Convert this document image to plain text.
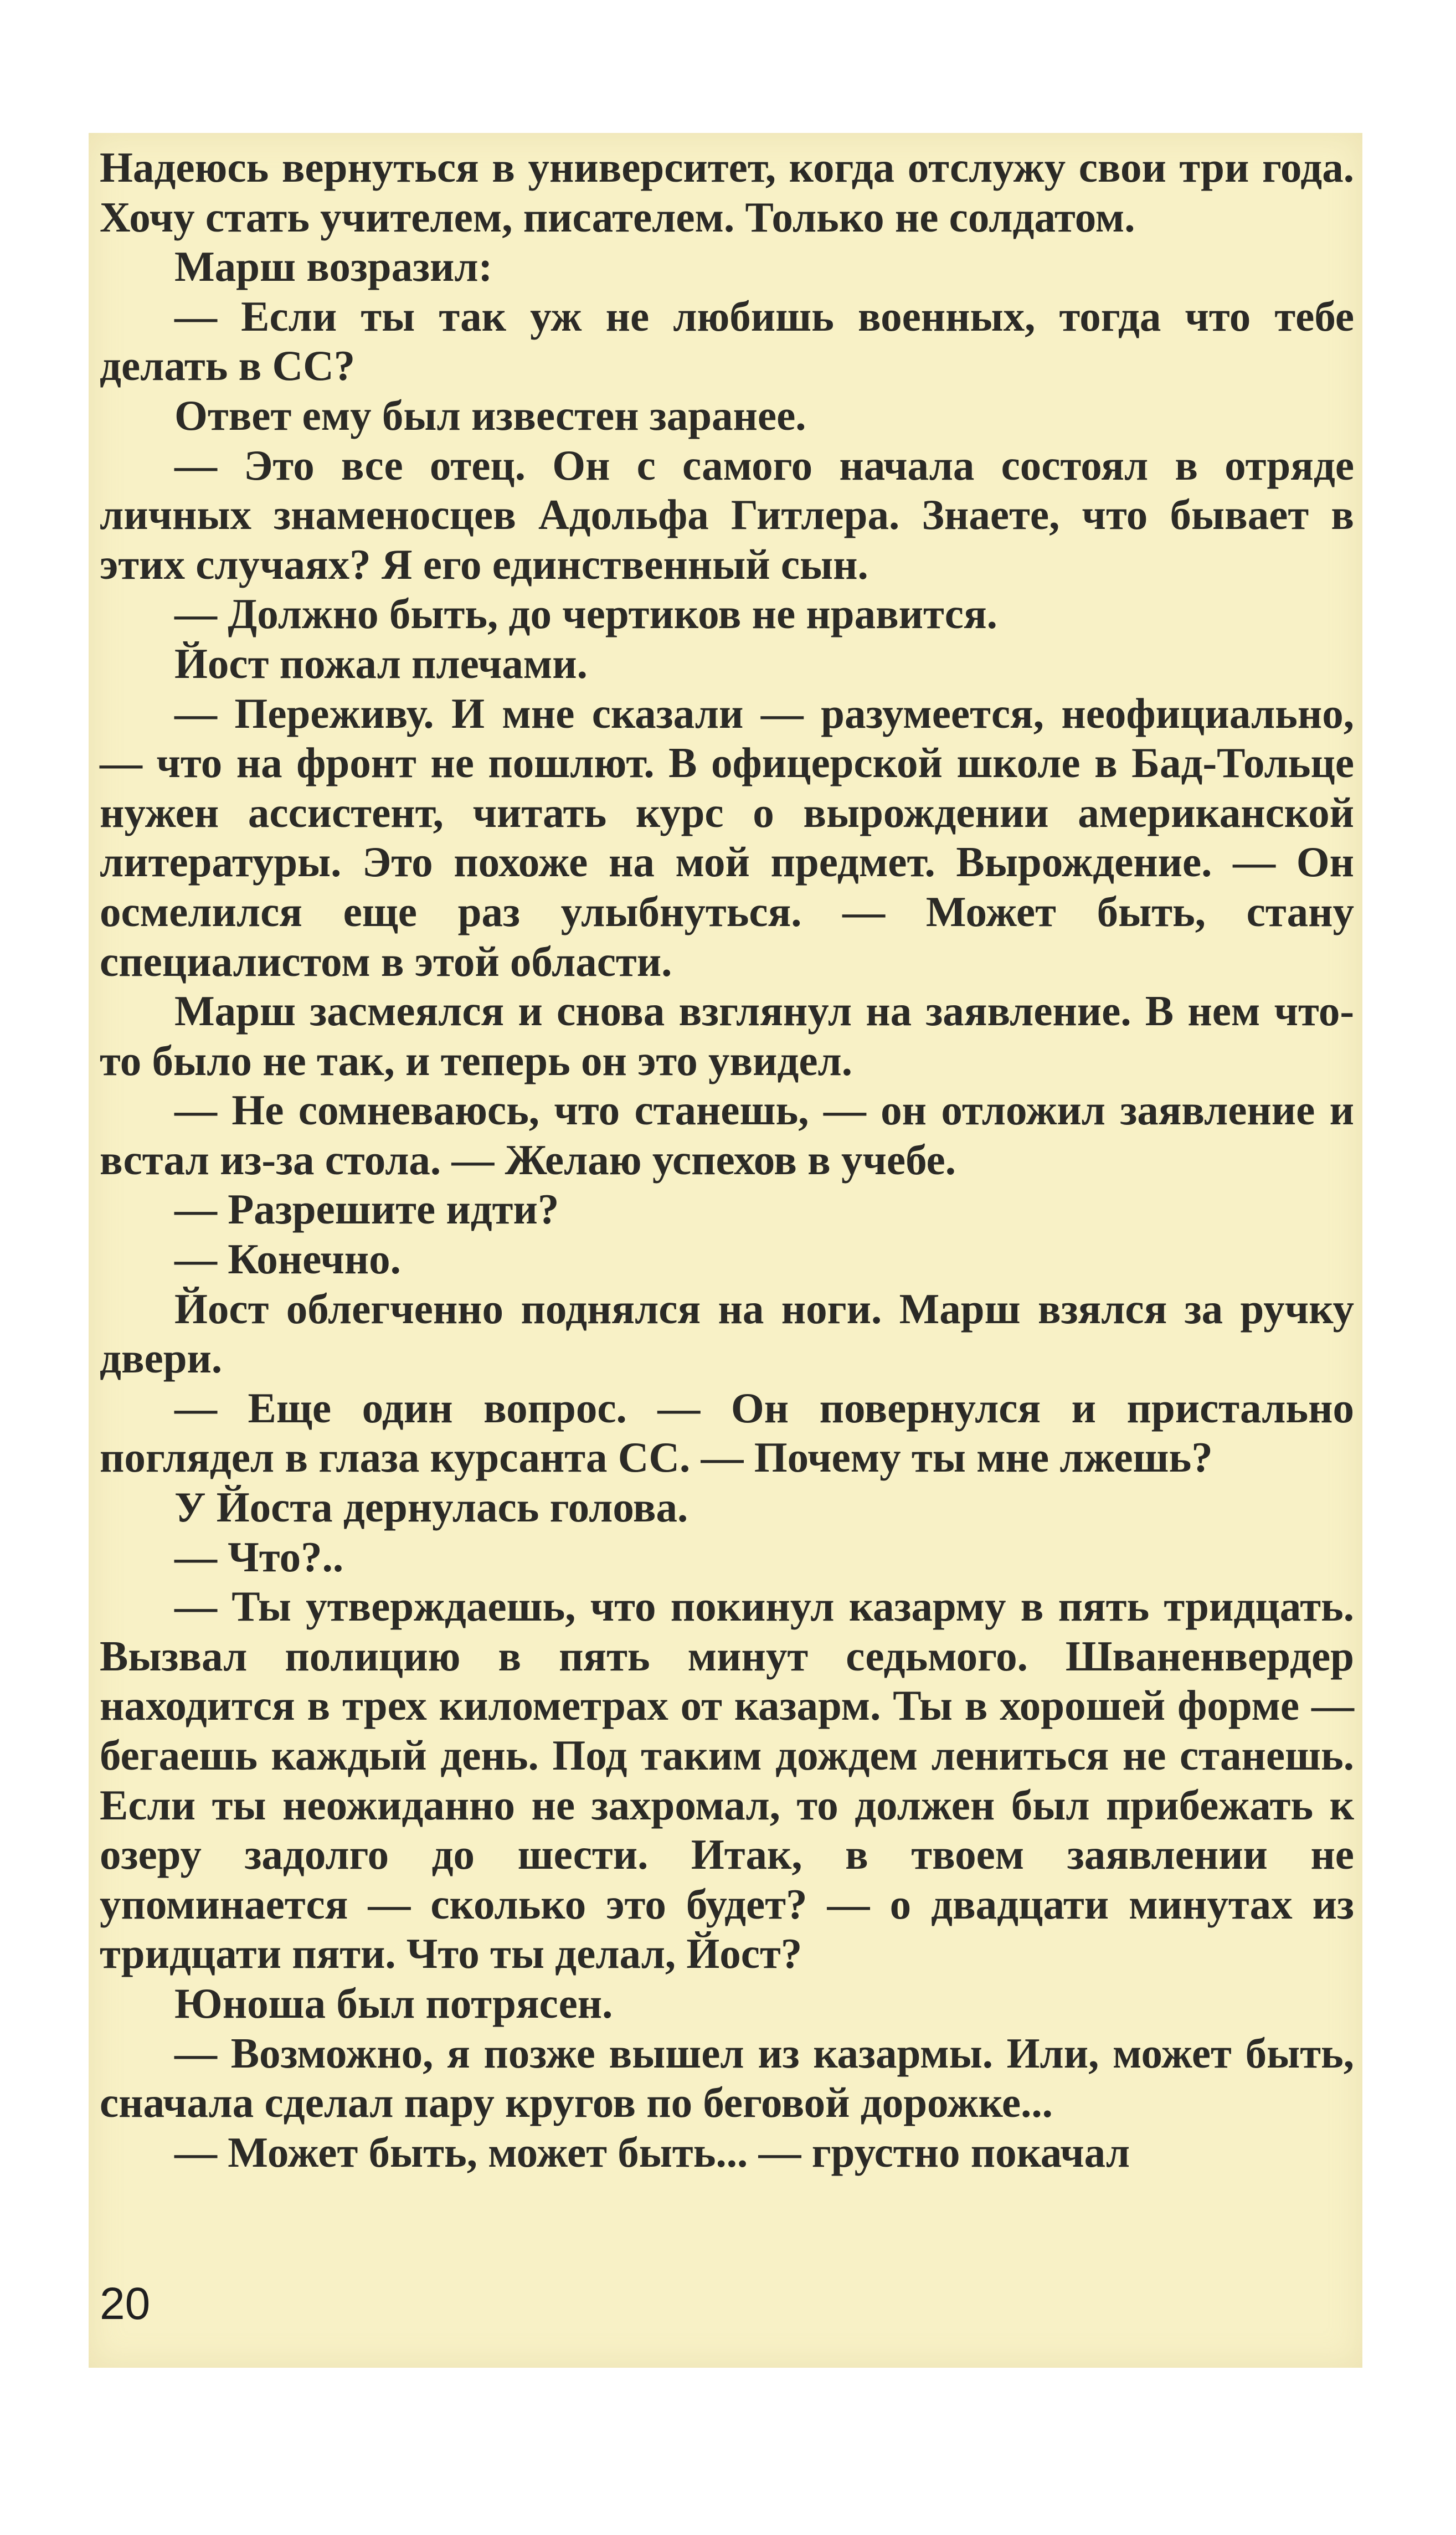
Надеюсь вернуться в университет, когда отслужу свои три года. Хочу стать учителем, писателем. Только не солдатом.

Марш возразил:

— Если ты так уж не любишь военных, тогда что тебе делать в СС?

Ответ ему был известен заранее.

— Это все отец. Он с самого начала состоял в отряде личных знаменосцев Адольфа Гитлера. Знаете, что бывает в этих случаях? Я его единственный сын.

— Должно быть, до чертиков не нравится.

Йост пожал плечами.

— Переживу. И мне сказали — разумеется, неофициально, — что на фронт не пошлют. В офицерской школе в Бад-Тольце нужен ассистент, читать курс о вырождении американской литературы. Это похоже на мой предмет. Вырождение. — Он осмелился еще раз улыбнуться. — Может быть, стану специалистом в этой области.

Марш засмеялся и снова взглянул на заявление. В нем что-то было не так, и теперь он это увидел.

— Не сомневаюсь, что станешь, — он отложил заявление и встал из-за стола. — Желаю успехов в учебе.

— Разрешите идти?

— Конечно.

Йост облегченно поднялся на ноги. Марш взялся за ручку двери.

— Еще один вопрос. — Он повернулся и пристально поглядел в глаза курсанта СС. — Почему ты мне лжешь?

У Йоста дернулась голова.

— Что?..

— Ты утверждаешь, что покинул казарму в пять тридцать. Вызвал полицию в пять минут седьмого. Шваненвердер находится в трех километрах от казарм. Ты в хорошей форме — бегаешь каждый день. Под таким дождем лениться не станешь. Если ты неожиданно не захромал, то должен был прибежать к озеру задолго до шести. Итак, в твоем заявлении не упоминается — сколько это будет? — о двадцати минутах из тридцати пяти. Что ты делал, Йост?

Юноша был потрясен.

— Возможно, я позже вышел из казармы. Или, может быть, сначала сделал пару кругов по беговой дорожке...

— Может быть, может быть... — грустно покачал

20
